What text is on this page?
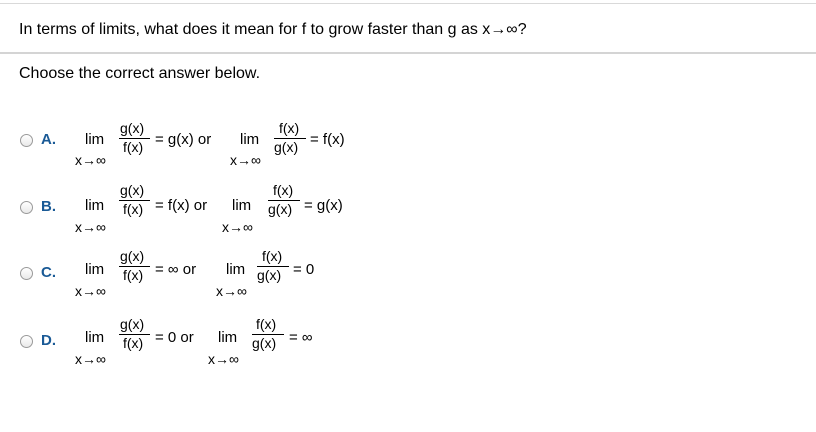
In terms of limits, what does it mean for f to grow faster than g as x→∞?
Choose the correct answer below.
A. lim
x→∞
g(x)
f(x) = g(x) or lim
x→∞
f(x)
g(x) = f(x)
B. lim
x→∞
g(x)
f(x) = f(x) or lim
x→∞
f(x)
g(x) = g(x)
C. lim
x→∞
g(x)
f(x) = ∞ or lim
x→∞
f(x)
g(x) = 0
D. lim
x→∞
g(x)
f(x) = 0 or lim
x→∞
f(x)
g(x) = ∞
